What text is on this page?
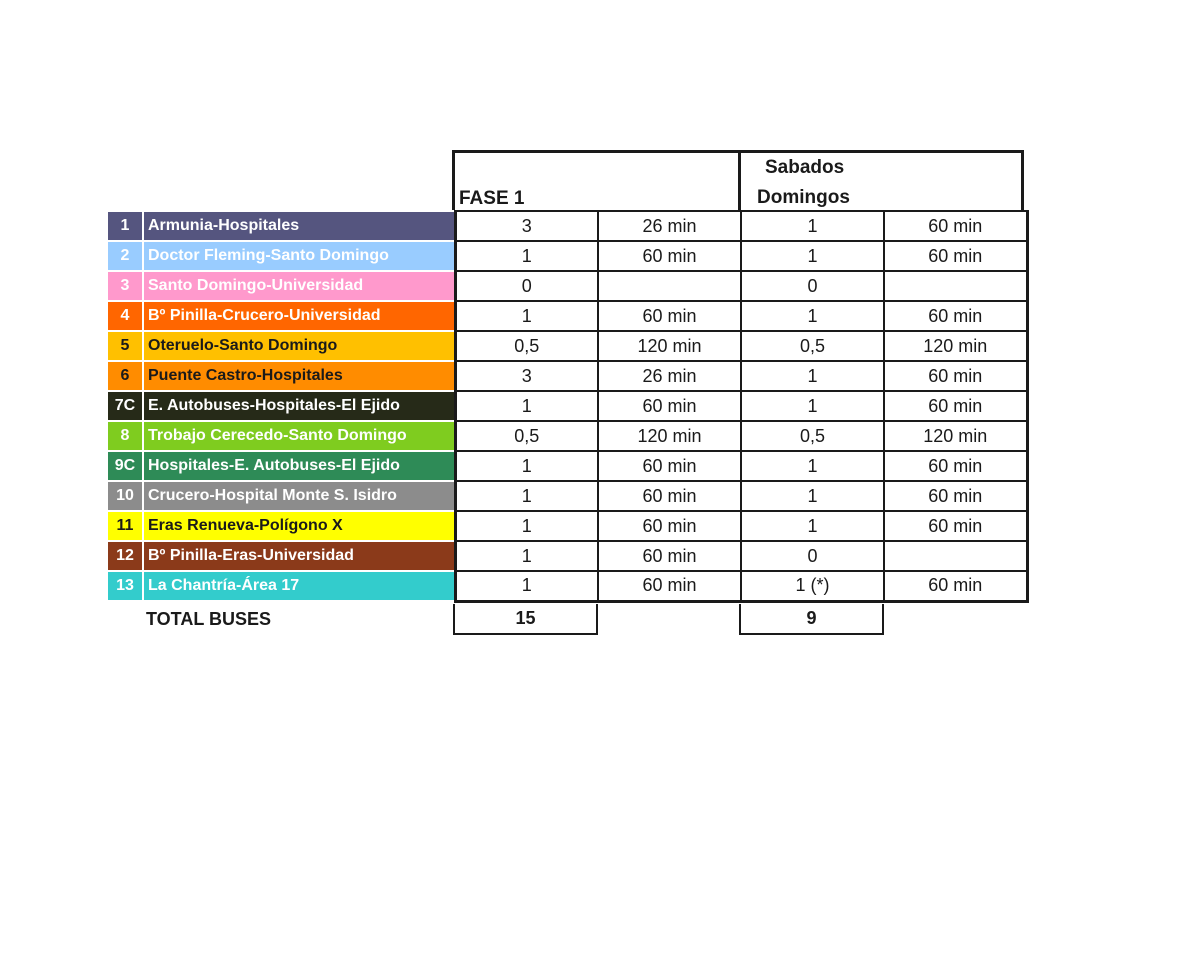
FASE 1
Sabados
Domingos
1	Armunia-Hospitales	3	26 min	1	60 min
2	Doctor Fleming-Santo Domingo	1	60 min	1	60 min
3	Santo Domingo-Universidad	0		0	
4	Bº Pinilla-Crucero-Universidad	1	60 min	1	60 min
5	Oteruelo-Santo Domingo	0,5	120 min	0,5	120 min
6	Puente Castro-Hospitales	3	26 min	1	60 min
7C	E. Autobuses-Hospitales-El Ejido	1	60 min	1	60 min
8	Trobajo Cerecedo-Santo Domingo	0,5	120 min	0,5	120 min
9C	Hospitales-E. Autobuses-El Ejido	1	60 min	1	60 min
10	Crucero-Hospital Monte S. Isidro	1	60 min	1	60 min
11	Eras Renueva-Polígono X	1	60 min	1	60 min
12	Bº Pinilla-Eras-Universidad	1	60 min	0	
13	La Chantría-Área 17	1	60 min	1 (*)	60 min
TOTAL BUSES	15		9
